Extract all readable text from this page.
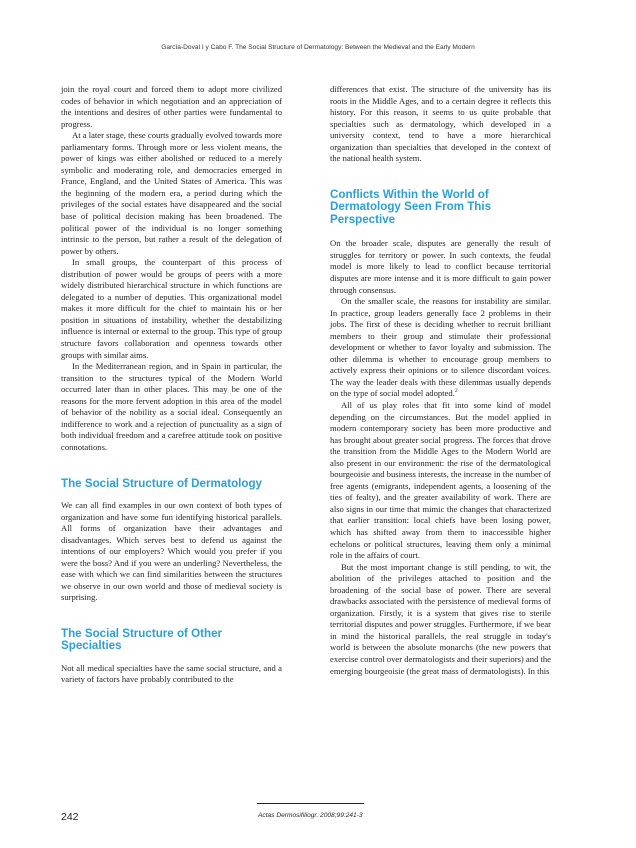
García-Doval I y Cabo F. The Social Structure of Dermatology: Between the Medieval and the Early Modern

join the royal court and forced them to adopt more civilized codes of behavior in which negotiation and an appreciation of the intentions and desires of other parties were fundamental to progress.

At a later stage, these courts gradually evolved towards more parliamentary forms. Through more or less violent means, the power of kings was either abolished or reduced to a merely symbolic and moderating role, and democracies emerged in France, England, and the United States of America. This was the beginning of the modern era, a period during which the privileges of the social estates have disappeared and the social base of political decision making has been broadened. The political power of the individual is no longer something intrinsic to the person, but rather a result of the delegation of power by others.

In small groups, the counterpart of this process of distribution of power would be groups of peers with a more widely distributed hierarchical structure in which functions are delegated to a number of deputies. This organizational model makes it more difficult for the chief to maintain his or her position in situations of instability, whether the destabilizing influence is internal or external to the group. This type of group structure favors collaboration and openness towards other groups with similar aims.

In the Mediterranean region, and in Spain in particular, the transition to the structures typical of the Modern World occurred later than in other places. This may be one of the reasons for the more fervent adoption in this area of the model of behavior of the nobility as a social ideal. Consequently an indifference to work and a rejection of punctuality as a sign of both individual freedom and a carefree attitude took on positive connotations.

The Social Structure of Dermatology

We can all find examples in our own context of both types of organization and have some fun identifying historical parallels. All forms of organization have their advantages and disadvantages. Which serves best to defend us against the intentions of our employers? Which would you prefer if you were the boss? And if you were an underling? Nevertheless, the ease with which we can find similarities between the structures we observe in our own world and those of medieval society is surprising.

The Social Structure of Other Specialties

Not all medical specialties have the same social structure, and a variety of factors have probably contributed to the

differences that exist. The structure of the university has its roots in the Middle Ages, and to a certain degree it reflects this history. For this reason, it seems to us quite probable that specialties such as dermatology, which developed in a university context, tend to have a more hierarchical organization than specialties that developed in the context of the national health system.

Conflicts Within the World of Dermatology Seen From This Perspective

On the broader scale, disputes are generally the result of struggles for territory or power. In such contexts, the feudal model is more likely to lead to conflict because territorial disputes are more intense and it is more difficult to gain power through consensus.

On the smaller scale, the reasons for instability are similar. In practice, group leaders generally face 2 problems in their jobs. The first of these is deciding whether to recruit brilliant members to their group and stimulate their professional development or whether to favor loyalty and submission. The other dilemma is whether to encourage group members to actively express their opinions or to silence discordant voices. The way the leader deals with these dilemmas usually depends on the type of social model adopted.$^2$

All of us play roles that fit into some kind of model depending on the circumstances. But the model applied in modern contemporary society has been more productive and has brought about greater social progress. The forces that drove the transition from the Middle Ages to the Modern World are also present in our environment: the rise of the dermatological bourgeoisie and business interests, the increase in the number of free agents (emigrants, independent agents, a loosening of the ties of fealty), and the greater availability of work. There are also signs in our time that mimic the changes that characterized that earlier transition: local chiefs have been losing power, which has shifted away from them to inaccessible higher echelons or political structures, leaving them only a minimal role in the affairs of court.

But the most important change is still pending, to wit, the abolition of the privileges attached to position and the broadening of the social base of power. There are several drawbacks associated with the persistence of medieval forms of organization. Firstly, it is a system that gives rise to sterile territorial disputes and power struggles. Furthermore, if we bear in mind the historical parallels, the real struggle in today's world is between the absolute monarchs (the new powers that exercise control over dermatologists and their superiors) and the emerging bourgeoisie (the great mass of dermatologists). In this

242	Actas Dermosifiliogr. 2008;99:241-3
